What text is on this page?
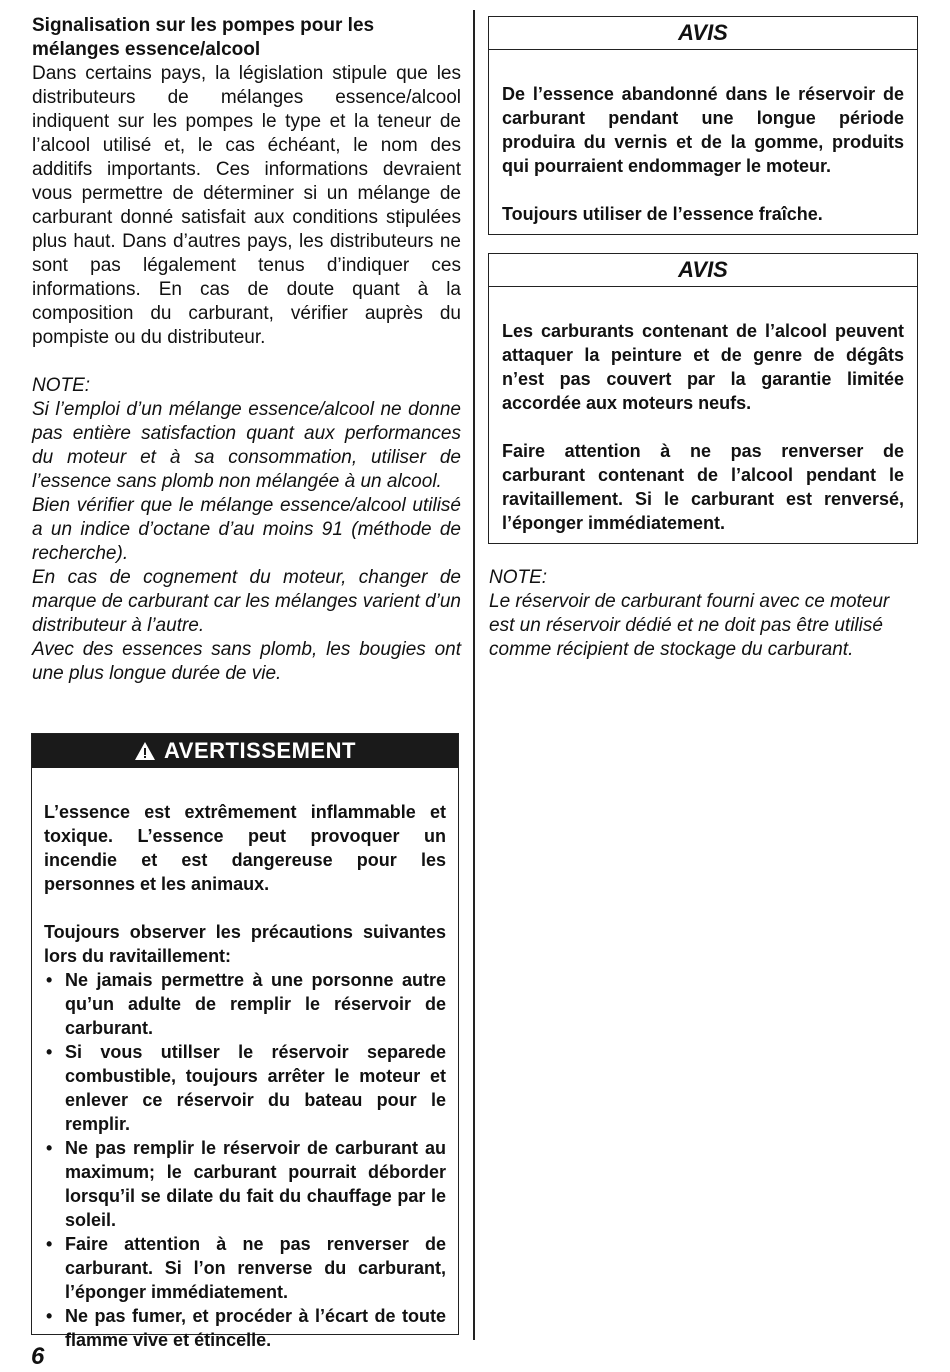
Signalisation sur les pompes pour les mélanges essence/alcool

Dans certains pays, la législation stipule que les distributeurs de mélanges essence/alcool indiquent sur les pompes le type et la teneur de l’alcool utilisé et, le cas échéant, le nom des additifs importants. Ces informations devraient vous permettre de déterminer si un mélange de carburant donné satisfait aux conditions stipulées plus haut. Dans d’autres pays, les distributeurs ne sont pas légalement tenus d’indiquer ces informations. En cas de doute quant à la composition du carburant, vérifier auprès du pompiste ou du distributeur.

NOTE:

Si l’emploi d’un mélange essence/alcool ne donne pas entière satisfaction quant aux performances du moteur et à sa consommation, utiliser de l’essence sans plomb non mélangée à un alcool.

Bien vérifier que le mélange essence/alcool utilisé a un indice d’octane d’au moins 91 (méthode de recherche).

En cas de cognement du moteur, changer de marque de carburant car les mélanges varient d’un distributeur à l’autre.

Avec des essences sans plomb, les bougies ont une plus longue durée de vie.

AVERTISSEMENT

L’essence est extrêmement inflammable et toxique. L’essence peut provoquer un incendie et est dangereuse pour les personnes et les animaux.

Toujours observer les précautions suivantes lors du ravitaillement:

• Ne jamais permettre à une porsonne autre qu’un adulte de remplir le réservoir de carburant.
• Si vous utillser le réservoir separede combustible, toujours arrêter le moteur et enlever ce réservoir du bateau pour le remplir.
• Ne pas remplir le réservoir de carburant au maximum; le carburant pourrait déborder lorsqu’il se dilate du fait du chauffage par le soleil.
• Faire attention à ne pas renverser de carburant. Si l’on renverse du carburant, l’éponger immédiatement.
• Ne pas fumer, et procéder à l’écart de toute flamme vive et étincelle.
AVIS

De l’essence abandonné dans le réservoir de carburant pendant une longue période produira du vernis et de la gomme, produits qui pourraient endommager le moteur.

Toujours utiliser de l’essence fraîche.

AVIS

Les carburants contenant de l’alcool peuvent attaquer la peinture et de genre de dégâts n’est pas couvert par la garantie limitée accordée aux moteurs neufs.

Faire attention à ne pas renverser de carburant contenant de l’alcool pendant le ravitaillement. Si le carburant est renversé, l’éponger immédiatement.

NOTE:

Le réservoir de carburant fourni avec ce moteur est un réservoir dédié et ne doit pas être utilisé comme récipient de stockage du carburant.

6
